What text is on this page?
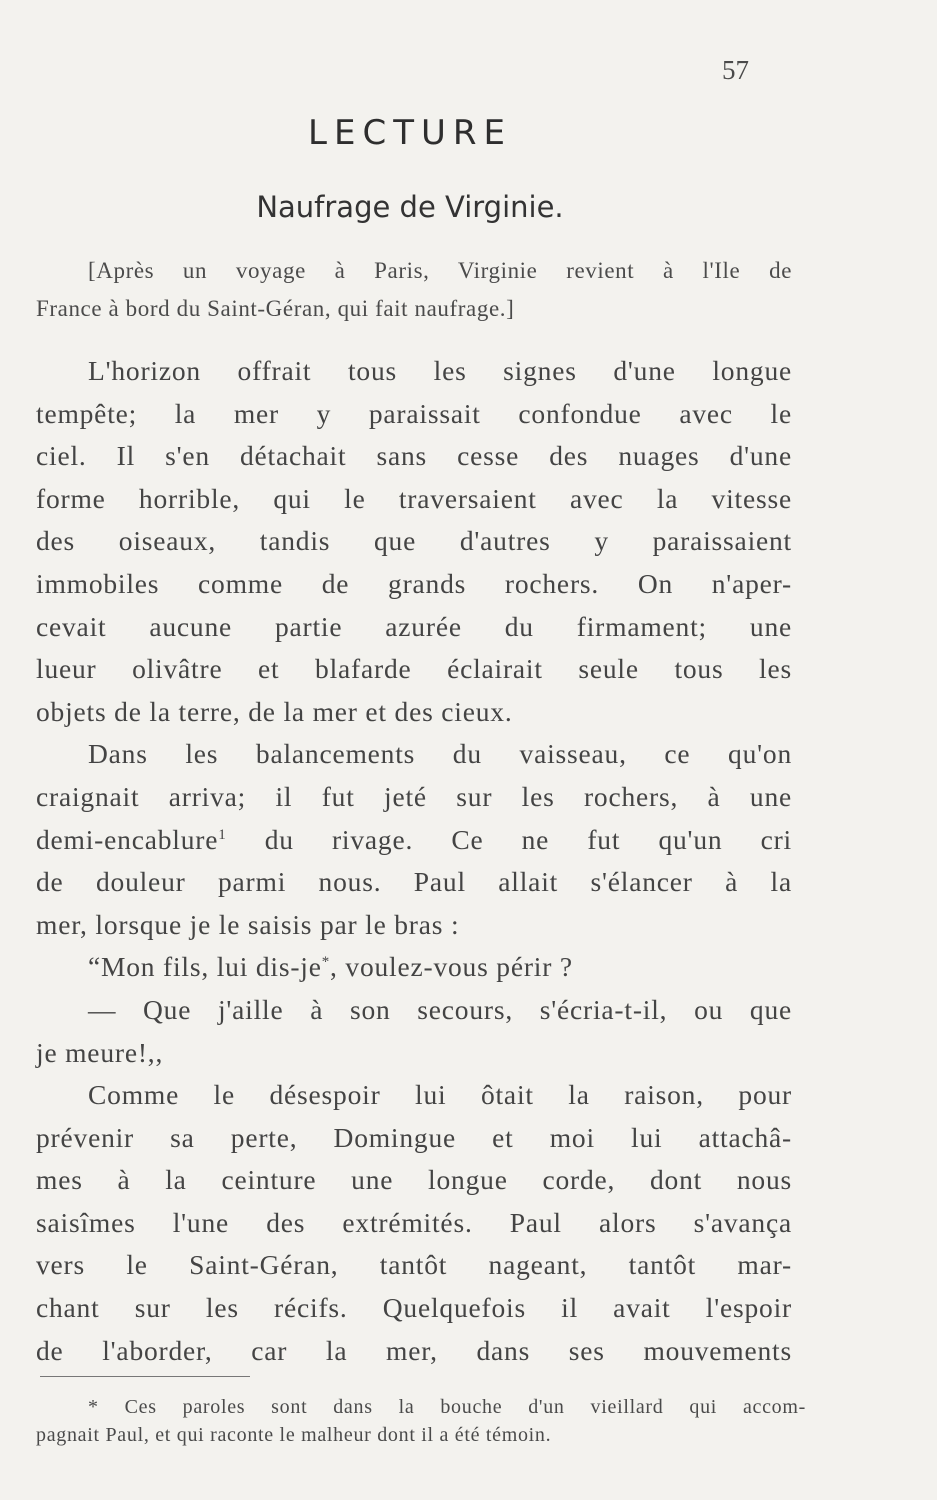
57
LECTURE
Naufrage de Virginie.
[Après un voyage à Paris, Virginie revient à l'Ile de
France à bord du Saint-Géran, qui fait naufrage.]
L'horizon offrait tous les signes d'une longue
tempête; la mer y paraissait confondue avec le
ciel. Il s'en détachait sans cesse des nuages d'une
forme horrible, qui le traversaient avec la vitesse
des oiseaux, tandis que d'autres y paraissaient
immobiles comme de grands rochers. On n'aper-
cevait aucune partie azurée du firmament; une
lueur olivâtre et blafarde éclairait seule tous les
objets de la terre, de la mer et des cieux.
Dans les balancements du vaisseau, ce qu'on
craignait arriva; il fut jeté sur les rochers, à une
demi-encablure$^1$ du rivage. Ce ne fut qu'un cri
de douleur parmi nous. Paul allait s'élancer à la
mer, lorsque je le saisis par le bras :
“Mon fils, lui dis-je*, voulez-vous périr ?
— Que j'aille à son secours, s'écria-t-il, ou que
je meure!,,
Comme le désespoir lui ôtait la raison, pour
prévenir sa perte, Domingue et moi lui attachâ-
mes à la ceinture une longue corde, dont nous
saisîmes l'une des extrémités. Paul alors s'avança
vers le Saint-Géran, tantôt nageant, tantôt mar-
chant sur les récifs. Quelquefois il avait l'espoir
de l'aborder, car la mer, dans ses mouvements
* Ces paroles sont dans la bouche d'un vieillard qui accom-
pagnait Paul, et qui raconte le malheur dont il a été témoin.
